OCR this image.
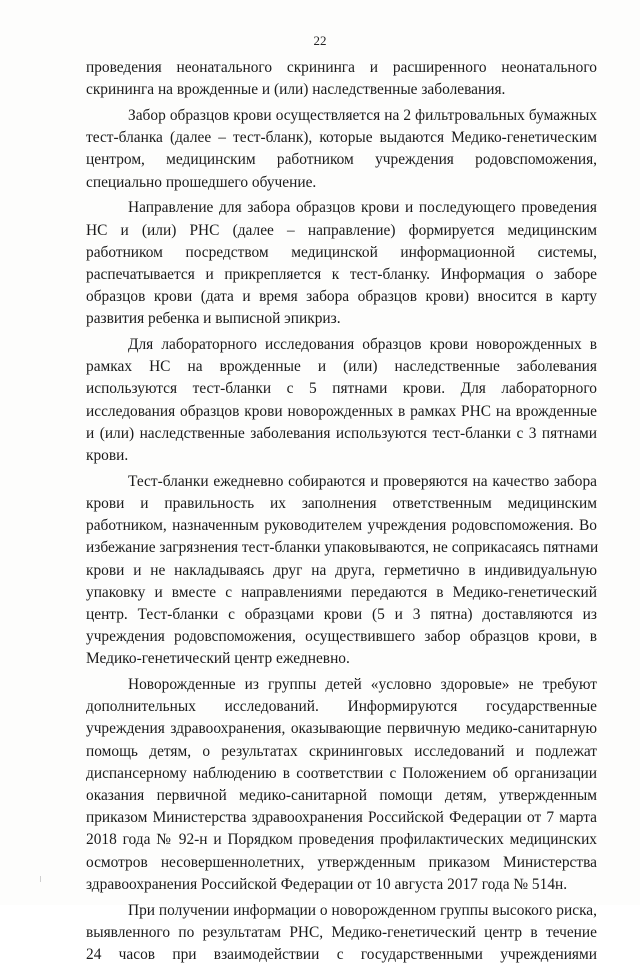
22

проведения неонатального скрининга и расширенного неонатального
скрининга на врожденные и (или) наследственные заболевания.

Забор образцов крови осуществляется на 2 фильтровальных бумажных
тест-бланка (далее – тест-бланк), которые выдаются Медико-генетическим
центром, медицинским работником учреждения родовспоможения,
специально прошедшего обучение.

Направление для забора образцов крови и последующего проведения
НС и (или) РНС (далее – направление) формируется медицинским
работником посредством медицинской информационной системы,
распечатывается и прикрепляется к тест-бланку. Информация о заборе
образцов крови (дата и время забора образцов крови) вносится в карту
развития ребенка и выписной эпикриз.

Для лабораторного исследования образцов крови новорожденных в
рамках НС на врожденные и (или) наследственные заболевания
используются тест-бланки с 5 пятнами крови. Для лабораторного
исследования образцов крови новорожденных в рамках РНС на врожденные
и (или) наследственные заболевания используются тест-бланки с 3 пятнами
крови.

Тест-бланки ежедневно собираются и проверяются на качество забора
крови и правильность их заполнения ответственным медицинским
работником, назначенным руководителем учреждения родовспоможения. Во
избежание загрязнения тест-бланки упаковываются, не соприкасаясь пятнами
крови и не накладываясь друг на друга, герметично в индивидуальную
упаковку и вместе с направлениями передаются в Медико-генетический
центр. Тест-бланки с образцами крови (5 и 3 пятна) доставляются из
учреждения родовспоможения, осуществившего забор образцов крови, в
Медико-генетический центр ежедневно.

Новорожденные из группы детей «условно здоровые» не требуют
дополнительных исследований. Информируются государственные
учреждения здравоохранения, оказывающие первичную медико-санитарную
помощь детям, о результатах скрининговых исследований и подлежат
диспансерному наблюдению в соответствии с Положением об организации
оказания первичной медико-санитарной помощи детям, утвержденным
приказом Министерства здравоохранения Российской Федерации от 7 марта
2018 года № 92-н и Порядком проведения профилактических медицинских
осмотров несовершеннолетних, утвержденным приказом Министерства
здравоохранения Российской Федерации от 10 августа 2017 года № 514н.

При получении информации о новорожденном группы высокого риска,
выявленного по результатам РНС, Медико-генетический центр в течение
24 часов при взаимодействии с государственными учреждениями
